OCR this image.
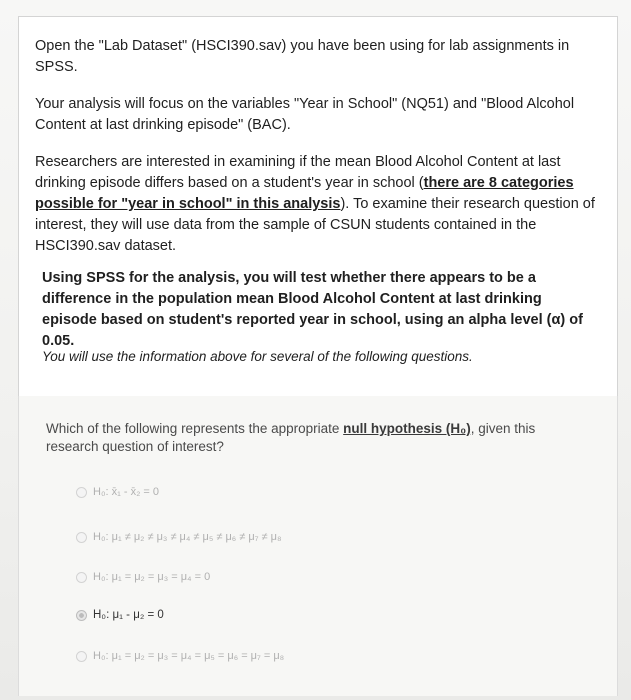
Open the "Lab Dataset" (HSCI390.sav) you have been using for lab assignments in SPSS.

Your analysis will focus on the variables "Year in School" (NQ51) and "Blood Alcohol Content at last drinking episode" (BAC).

Researchers are interested in examining if the mean Blood Alcohol Content at last drinking episode differs based on a student's year in school (there are 8 categories possible for "year in school" in this analysis). To examine their research question of interest, they will use data from the sample of CSUN students contained in the HSCI390.sav dataset.

Using SPSS for the analysis, you will test whether there appears to be a difference in the population mean Blood Alcohol Content at last drinking episode based on student's reported year in school, using an alpha level (α) of 0.05.

You will use the information above for several of the following questions.

Which of the following represents the appropriate null hypothesis (H₀), given this research question of interest?
H₀: x̄₁ - x̄₂ = 0
H₀: μ₁ ≠ μ₂ ≠ μ₃ ≠ μ₄ ≠ μ₅ ≠ μ₆ ≠ μ₇ ≠ μ₈
H₀: μ₁ = μ₂ = μ₃ = μ₄ = 0
H₀: μ₁ - μ₂ = 0
H₀: μ₁ = μ₂ = μ₃ = μ₄ = μ₅ = μ₆ = μ₇ = μ₈
